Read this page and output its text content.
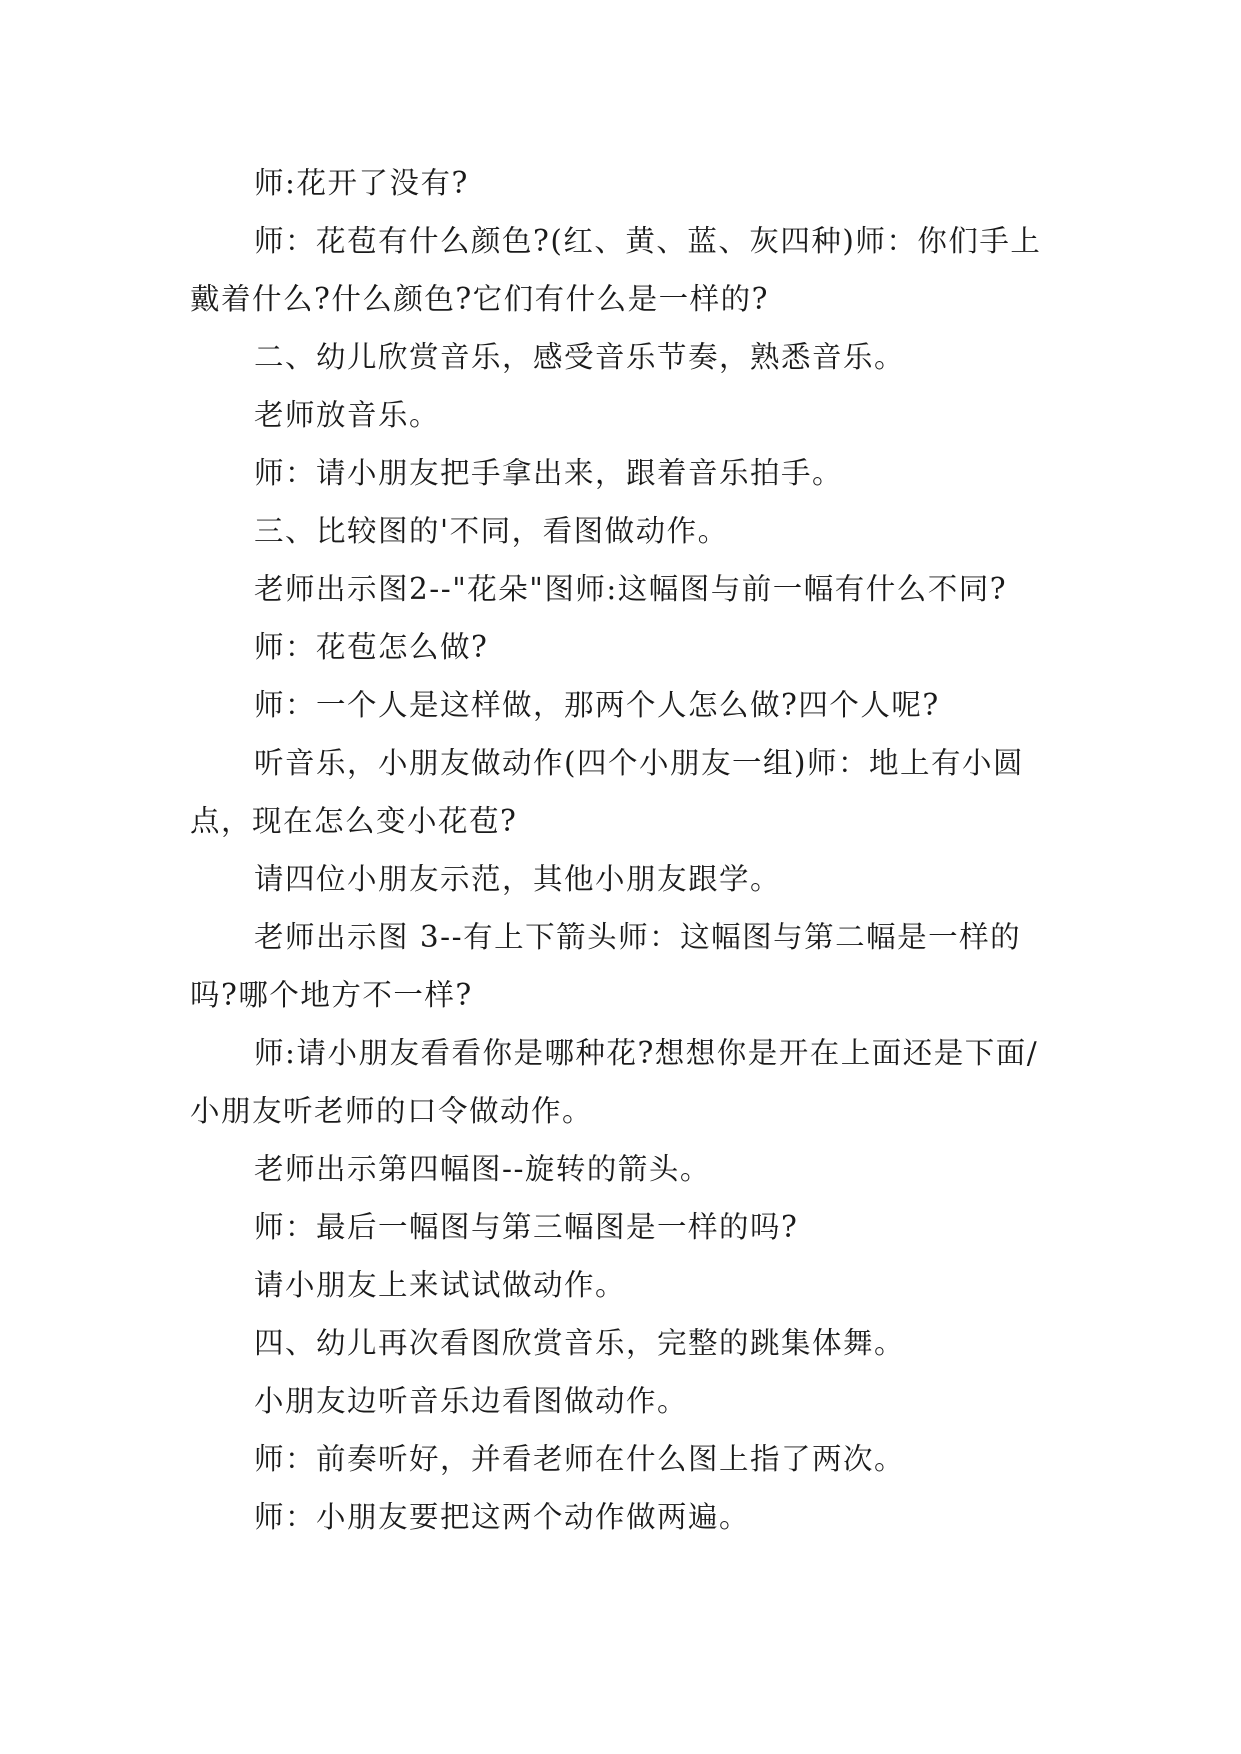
师:花开了没有?

师：花苞有什么颜色?(红、黄、蓝、灰四种)师：你们手上戴着什么?什么颜色?它们有什么是一样的?

二、幼儿欣赏音乐，感受音乐节奏，熟悉音乐。

老师放音乐。

师：请小朋友把手拿出来，跟着音乐拍手。

三、比较图的'不同，看图做动作。

老师出示图2--"花朵"图师:这幅图与前一幅有什么不同?

师：花苞怎么做?

师：一个人是这样做，那两个人怎么做?四个人呢?

听音乐，小朋友做动作(四个小朋友一组)师：地上有小圆点，现在怎么变小花苞?

请四位小朋友示范，其他小朋友跟学。

老师出示图 3--有上下箭头师：这幅图与第二幅是一样的吗?哪个地方不一样?

师:请小朋友看看你是哪种花?想想你是开在上面还是下面/小朋友听老师的口令做动作。

老师出示第四幅图--旋转的箭头。

师：最后一幅图与第三幅图是一样的吗?

请小朋友上来试试做动作。

四、幼儿再次看图欣赏音乐，完整的跳集体舞。

小朋友边听音乐边看图做动作。

师：前奏听好，并看老师在什么图上指了两次。

师：小朋友要把这两个动作做两遍。
